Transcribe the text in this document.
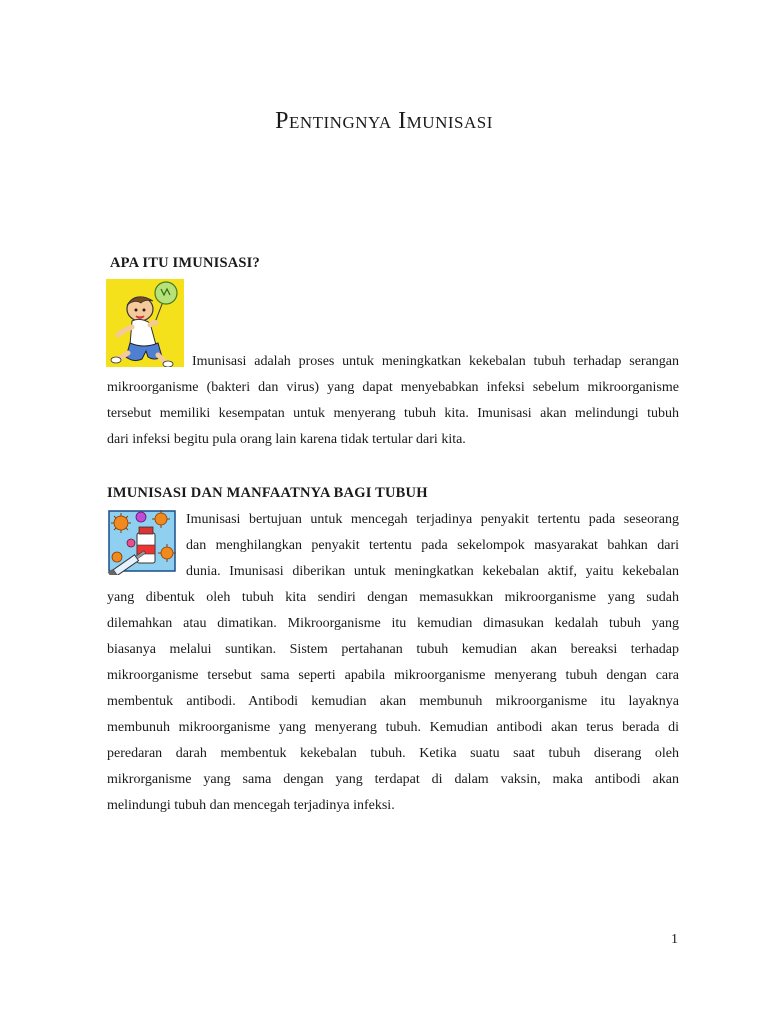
Pentingnya Imunisasi
APA ITU IMUNISASI?

Imunisasi adalah proses untuk meningkatkan kekebalan tubuh terhadap serangan

mikroorganisme (bakteri dan virus) yang dapat menyebabkan infeksi sebelum mikroorganisme
tersebut memiliki kesempatan untuk menyerang tubuh kita. Imunisasi akan melindungi tubuh
dari infeksi begitu pula orang lain karena tidak tertular dari kita.

IMUNISASI DAN MANFAATNYA BAGI TUBUH

Imunisasi bertujuan untuk mencegah terjadinya penyakit tertentu pada seseorang
dan menghilangkan penyakit tertentu pada sekelompok masyarakat bahkan dari
dunia. Imunisasi diberikan untuk meningkatkan kekebalan aktif, yaitu kekebalan

yang dibentuk oleh tubuh kita sendiri dengan memasukkan mikroorganisme yang sudah
dilemahkan atau dimatikan. Mikroorganisme itu kemudian dimasukan kedalah tubuh yang
biasanya melalui suntikan. Sistem pertahanan tubuh kemudian akan bereaksi terhadap
mikroorganisme tersebut sama seperti apabila mikroorganisme menyerang tubuh dengan cara
membentuk antibodi. Antibodi kemudian akan membunuh mikroorganisme itu layaknya
membunuh mikroorganisme yang menyerang tubuh. Kemudian antibodi akan terus berada di
peredaran darah membentuk kekebalan tubuh. Ketika suatu saat tubuh diserang oleh
mikrorganisme yang sama dengan yang terdapat di dalam vaksin, maka antibodi akan
melindungi tubuh dan mencegah terjadinya infeksi.

1
